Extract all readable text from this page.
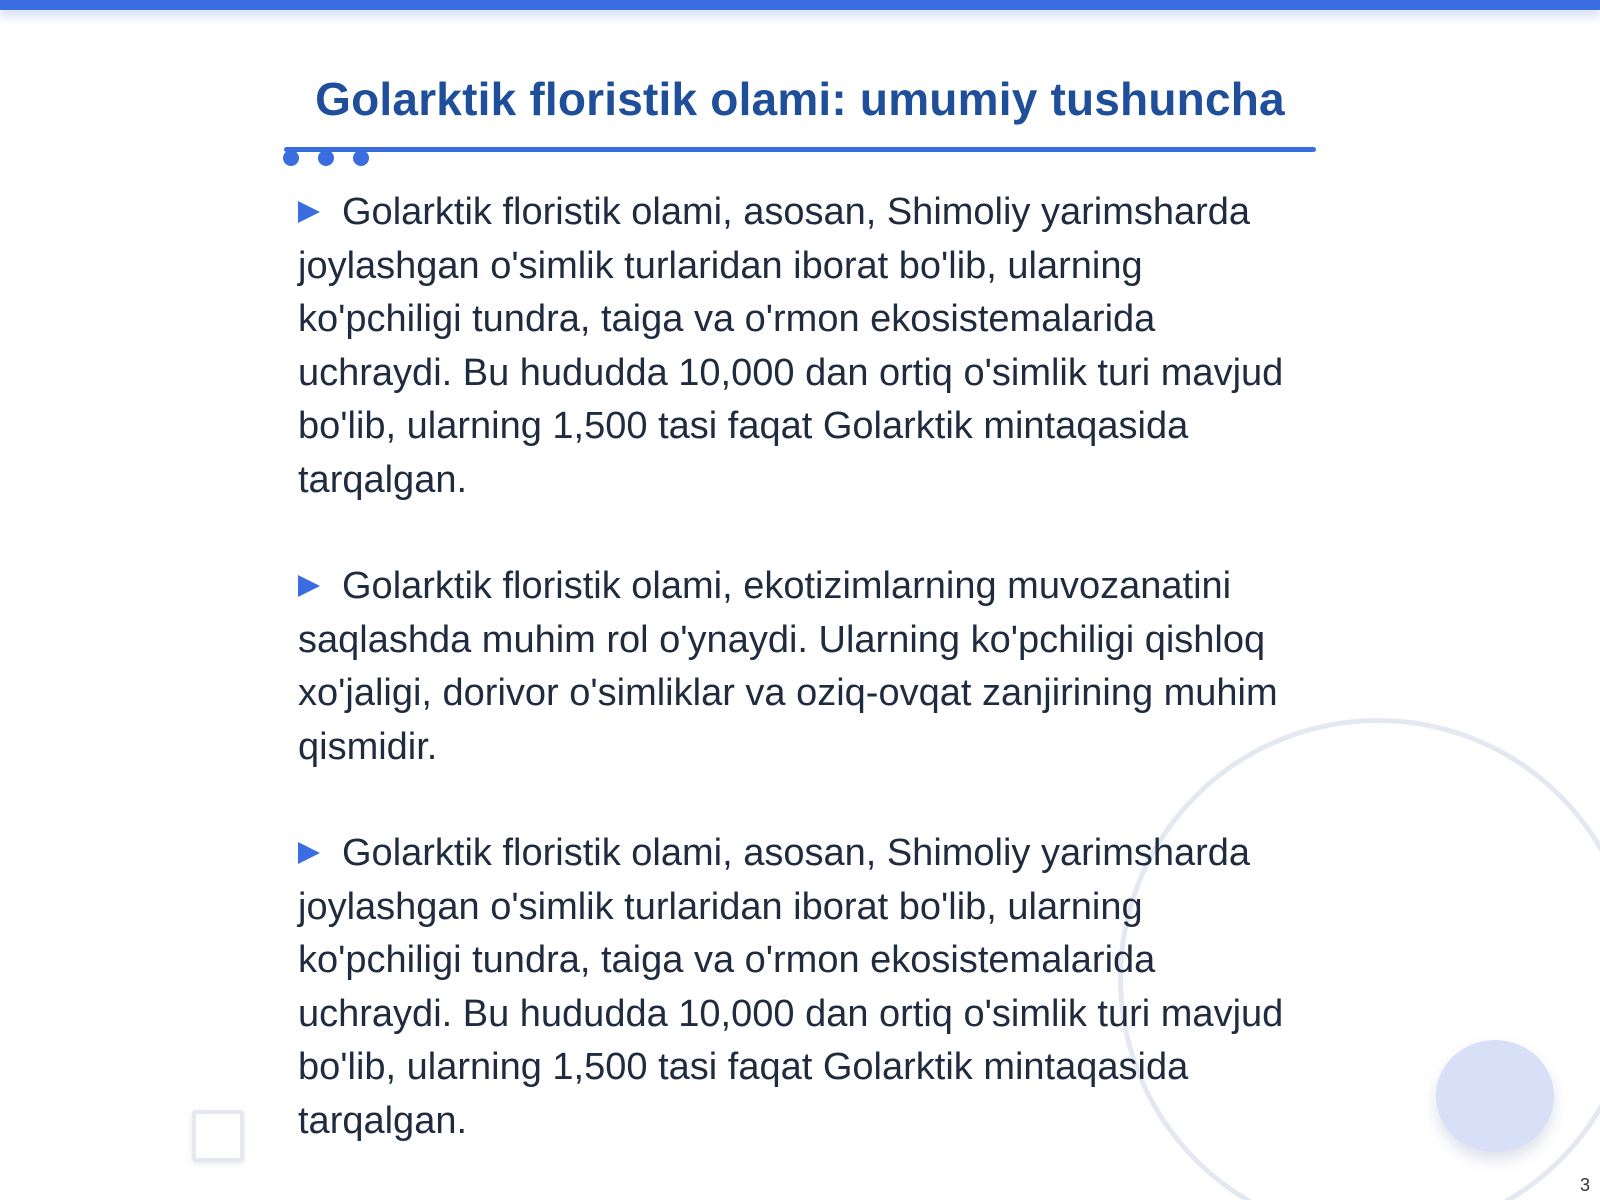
Golarktik floristik olami: umumiy tushuncha

Golarktik floristik olami, asosan, Shimoliy yarimsharda joylashgan o'simlik turlaridan iborat bo'lib, ularning ko'pchiligi tundra, taiga va o'rmon ekosistemalarida uchraydi. Bu hududda 10,000 dan ortiq o'simlik turi mavjud bo'lib, ularning 1,500 tasi faqat Golarktik mintaqasida tarqalgan.

Golarktik floristik olami, ekotizimlarning muvozanatini saqlashda muhim rol o'ynaydi. Ularning ko'pchiligi qishloq xo'jaligi, dorivor o'simliklar va oziq-ovqat zanjirining muhim qismidir.

Golarktik floristik olami, asosan, Shimoliy yarimsharda joylashgan o'simlik turlaridan iborat bo'lib, ularning ko'pchiligi tundra, taiga va o'rmon ekosistemalarida uchraydi. Bu hududda 10,000 dan ortiq o'simlik turi mavjud bo'lib, ularning 1,500 tasi faqat Golarktik mintaqasida tarqalgan.

3
